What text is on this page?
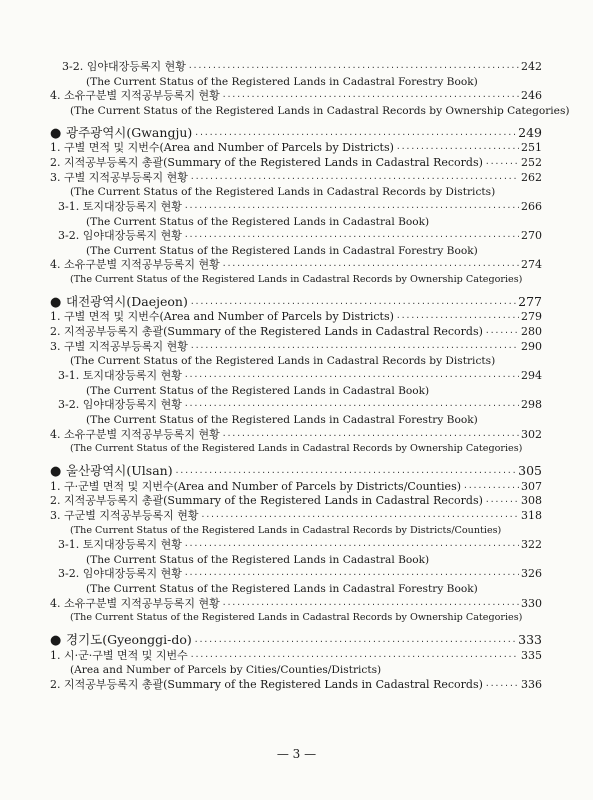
3-2. 임야대장등록지 현황 ·····	242
(The Current Status of the Registered Lands in Cadastral Forestry Book)
4. 소유구분별 지적공부등록지 현황 ·····	246
(The Current Status of the Registered Lands in Cadastral Records by Ownership Categories)
● 광주광역시(Gwangju) ·····	249
1. 구별 면적 및 지번수(Area and Number of Parcels by Districts) ·····	251
2. 지적공부등록지 총괄(Summary of the Registered Lands in Cadastral Records) ·····	252
3. 구별 지적공부등록지 현황 ·····	262
(The Current Status of the Registered Lands in Cadastral Records by Districts)
3-1. 토지대장등록지 현황 ·····	266
(The Current Status of the Registered Lands in Cadastral Book)
3-2. 임야대장등록지 현황 ·····	270
(The Current Status of the Registered Lands in Cadastral Forestry Book)
4. 소유구분별 지적공부등록지 현황 ·····	274
(The Current Status of the Registered Lands in Cadastral Records by Ownership Categories)
● 대전광역시(Daejeon) ·····	277
1. 구별 면적 및 지번수(Area and Number of Parcels by Districts) ·····	279
2. 지적공부등록지 총괄(Summary of the Registered Lands in Cadastral Records) ·····	280
3. 구별 지적공부등록지 현황 ·····	290
(The Current Status of the Registered Lands in Cadastral Records by Districts)
3-1. 토지대장등록지 현황 ·····	294
(The Current Status of the Registered Lands in Cadastral Book)
3-2. 임야대장등록지 현황 ·····	298
(The Current Status of the Registered Lands in Cadastral Forestry Book)
4. 소유구분별 지적공부등록지 현황 ·····	302
(The Current Status of the Registered Lands in Cadastral Records by Ownership Categories)
● 울산광역시(Ulsan) ·····	305
1. 구·군별 면적 및 지번수(Area and Number of Parcels by Districts/Counties) ·····	307
2. 지적공부등록지 총괄(Summary of the Registered Lands in Cadastral Records) ·····	308
3. 구군별 지적공부등록지 현황 ·····	318
(The Current Status of the Registered Lands in Cadastral Records by Districts/Counties)
3-1. 토지대장등록지 현황 ·····	322
(The Current Status of the Registered Lands in Cadastral Book)
3-2. 임야대장등록지 현황 ·····	326
(The Current Status of the Registered Lands in Cadastral Forestry Book)
4. 소유구분별 지적공부등록지 현황 ·····	330
(The Current Status of the Registered Lands in Cadastral Records by Ownership Categories)
● 경기도(Gyeonggi-do) ·····	333
1. 시·군·구별 면적 및 지번수 ·····	335
(Area and Number of Parcels by Cities/Counties/Districts)
2. 지적공부등록지 총괄(Summary of the Registered Lands in Cadastral Records) ·····	336
— 3 —
